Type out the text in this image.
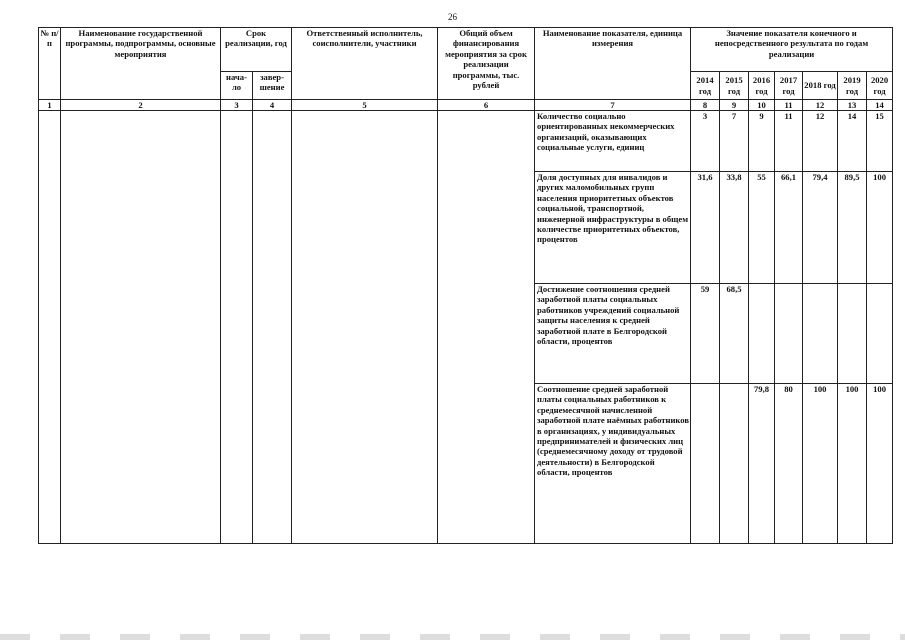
26
№ п/п	Наименование государственной программы, подпрограммы, основные мероприятия	Срок реализации, год		Ответственный исполнитель, соисполнители, участники	Общий объем финансирования мероприятия за срок реализации программы, тыс. рублей	Наименование показателя, единица измерения	Значение показателя конечного и непосредственного результата по годам реализации						
		нача-ло	завер-шение				2014 год	2015 год	2016 год	2017 год	2018 год	2019 год	2020 год
1	2	3	4	5	6	7	8	9	10	11	12	13	14
						Количество социально ориентированных некоммерческих организаций, оказывающих социальные услуги, единиц	3	7	9	11	12	14	15
						Доля доступных для инвалидов и других маломобильных групп населения приоритетных объектов социальной, транспортной, инженерной инфраструктуры в общем количестве приоритетных объектов, процентов	31,6	33,8	55	66,1	79,4	89,5	100
						Достижение соотношения средней заработной платы социальных работников учреждений социальной защиты населения к средней заработной плате в Белгородской области, процентов	59	68,5					
						Соотношение средней заработной платы социальных работников к среднемесячной начисленной заработной плате наёмных работников в организациях, у индивидуальных предпринимателей и физических лиц (среднемесячному доходу от трудовой деятельности) в Белгородской области, процентов			79,8	80	100	100	100
